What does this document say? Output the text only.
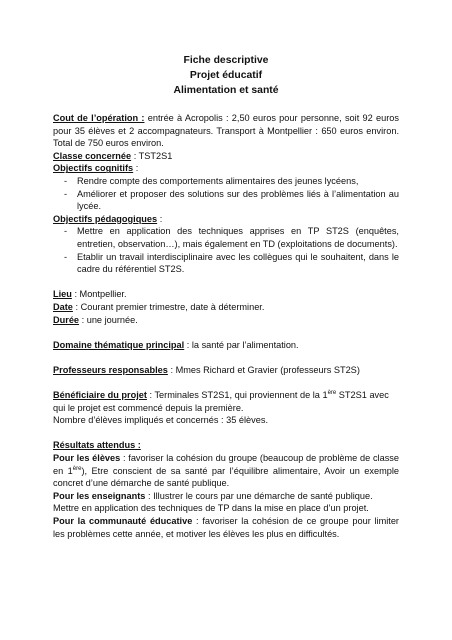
Fiche descriptive
Projet éducatif
Alimentation et santé

Cout de l’opération : entrée à Acropolis : 2,50 euros pour personne, soit 92 euros pour 35 élèves et 2 accompagnateurs. Transport à Montpellier : 650 euros environ. Total de 750 euros environ.

Classe concernée : TST2S1

Objectifs cognitifs :

- Rendre compte des comportements alimentaires des jeunes lycéens,
- Améliorer et proposer des solutions sur des problèmes liés à l’alimentation au lycée.

Objectifs pédagogiques :

- Mettre en application des techniques apprises en TP ST2S (enquêtes, entretien, observation…), mais également en TD (exploitations de documents).
- Etablir un travail interdisciplinaire avec les collègues qui le souhaitent, dans le cadre du référentiel ST2S.

Lieu : Montpellier.

Date : Courant premier trimestre, date à déterminer.

Durée : une journée.

Domaine thématique principal : la santé par l’alimentation.

Professeurs responsables : Mmes Richard et Gravier (professeurs ST2S)

Bénéficiaire du projet : Terminales ST2S1, qui proviennent de la 1ère ST2S1 avec qui le projet est commencé depuis la première.

Nombre d’élèves impliqués et concernés : 35 élèves.

Résultats attendus :

Pour les élèves : favoriser la cohésion du groupe (beaucoup de problème de classe en 1ère), Etre conscient de sa santé par l’équilibre alimentaire, Avoir un exemple concret d’une démarche de santé publique.

Pour les enseignants : Illustrer le cours par une démarche de santé publique.

Mettre en application des techniques de TP dans la mise en place d’un projet.

Pour la communauté éducative : favoriser la cohésion de ce groupe pour limiter les problèmes cette année, et motiver les élèves les plus en difficultés.
